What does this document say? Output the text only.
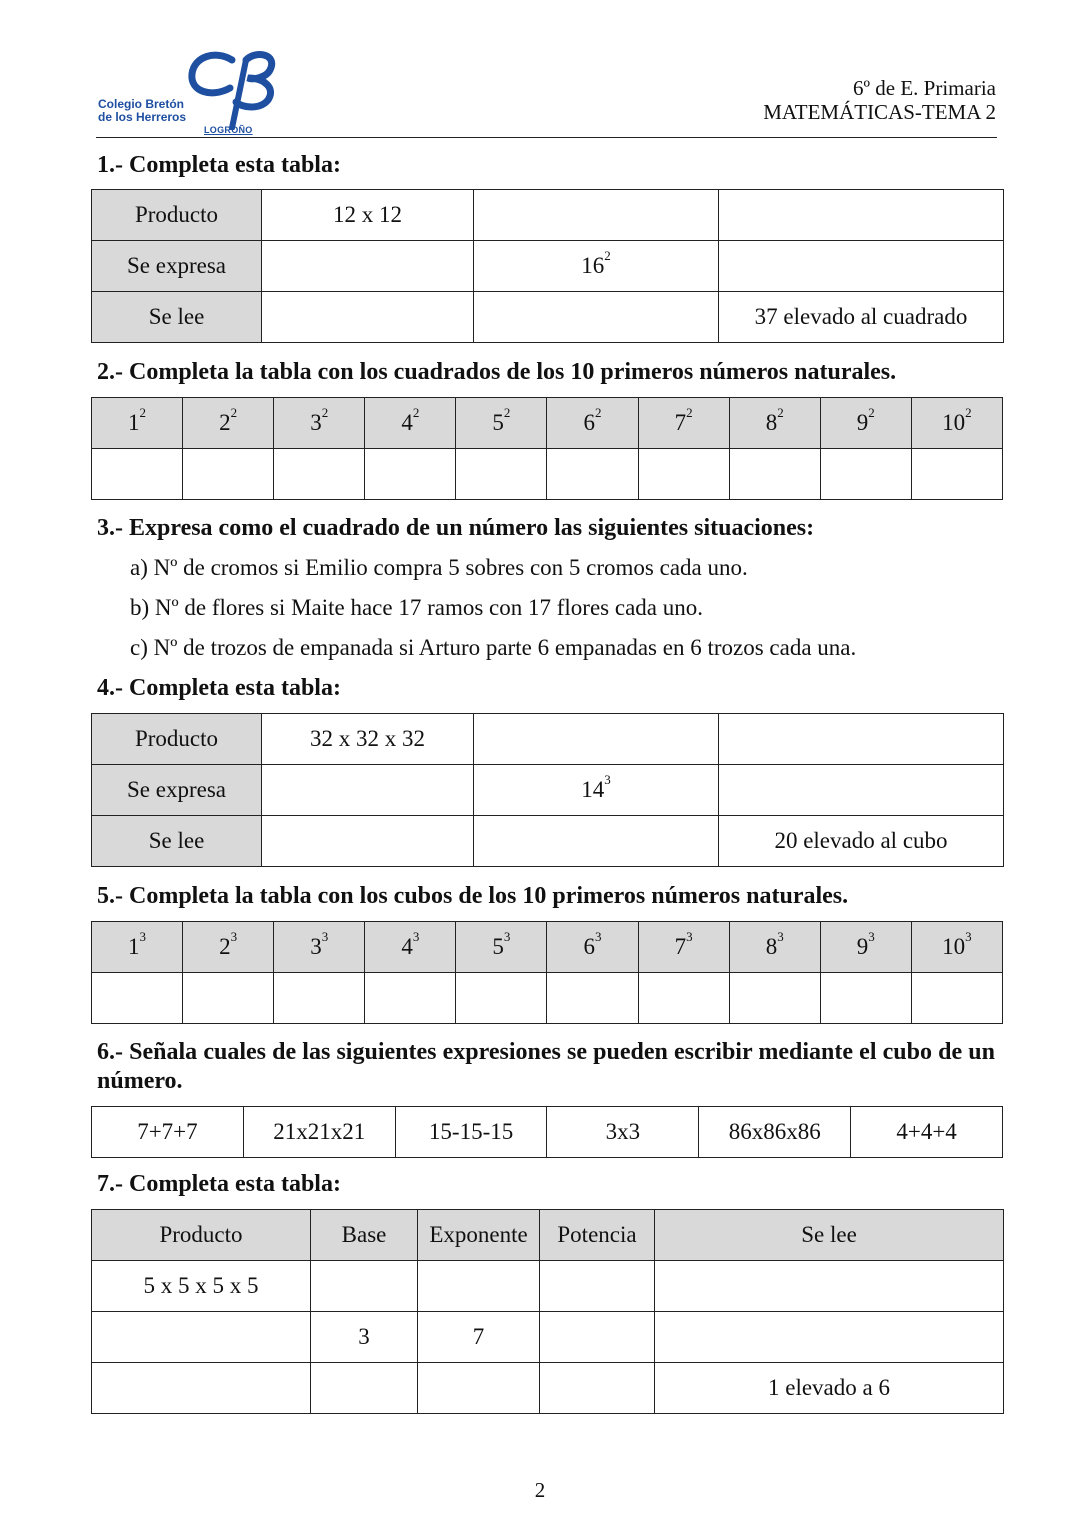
Colegio Bretón
de los Herreros
LOGROÑO
6º de E. Primaria
MATEMÁTICAS-TEMA 2
1.- Completa esta tabla:
Producto	12 x 12		
Se expresa		$16^2$	
Se lee			37 elevado al cuadrado
2.- Completa la tabla con los cuadrados de los 10 primeros números naturales.
$1^2$	$2^2$	$3^2$	$4^2$	$5^2$	$6^2$	$7^2$	$8^2$	$9^2$	$10^2$

3.- Expresa como el cuadrado de un número las siguientes situaciones:
a) Nº de cromos si Emilio compra 5 sobres con 5 cromos cada uno.
b) Nº de flores si Maite hace 17 ramos con 17 flores cada uno.
c) Nº de trozos de empanada si Arturo parte 6 empanadas en 6 trozos cada una.
4.- Completa esta tabla:
Producto	32 x 32 x 32		
Se expresa		$14^3$	
Se lee			20 elevado al cubo
5.- Completa la tabla con los cubos de los 10 primeros números naturales.
$1^3$	$2^3$	$3^3$	$4^3$	$5^3$	$6^3$	$7^3$	$8^3$	$9^3$	$10^3$

6.- Señala cuales de las siguientes expresiones se pueden escribir mediante el cubo de un número.
7+7+7	21x21x21	15-15-15	3x3	86x86x86	4+4+4
7.- Completa esta tabla:
Producto	Base	Exponente	Potencia	Se lee
5 x 5 x 5 x 5				
	3	7		
				1 elevado a 6
2
